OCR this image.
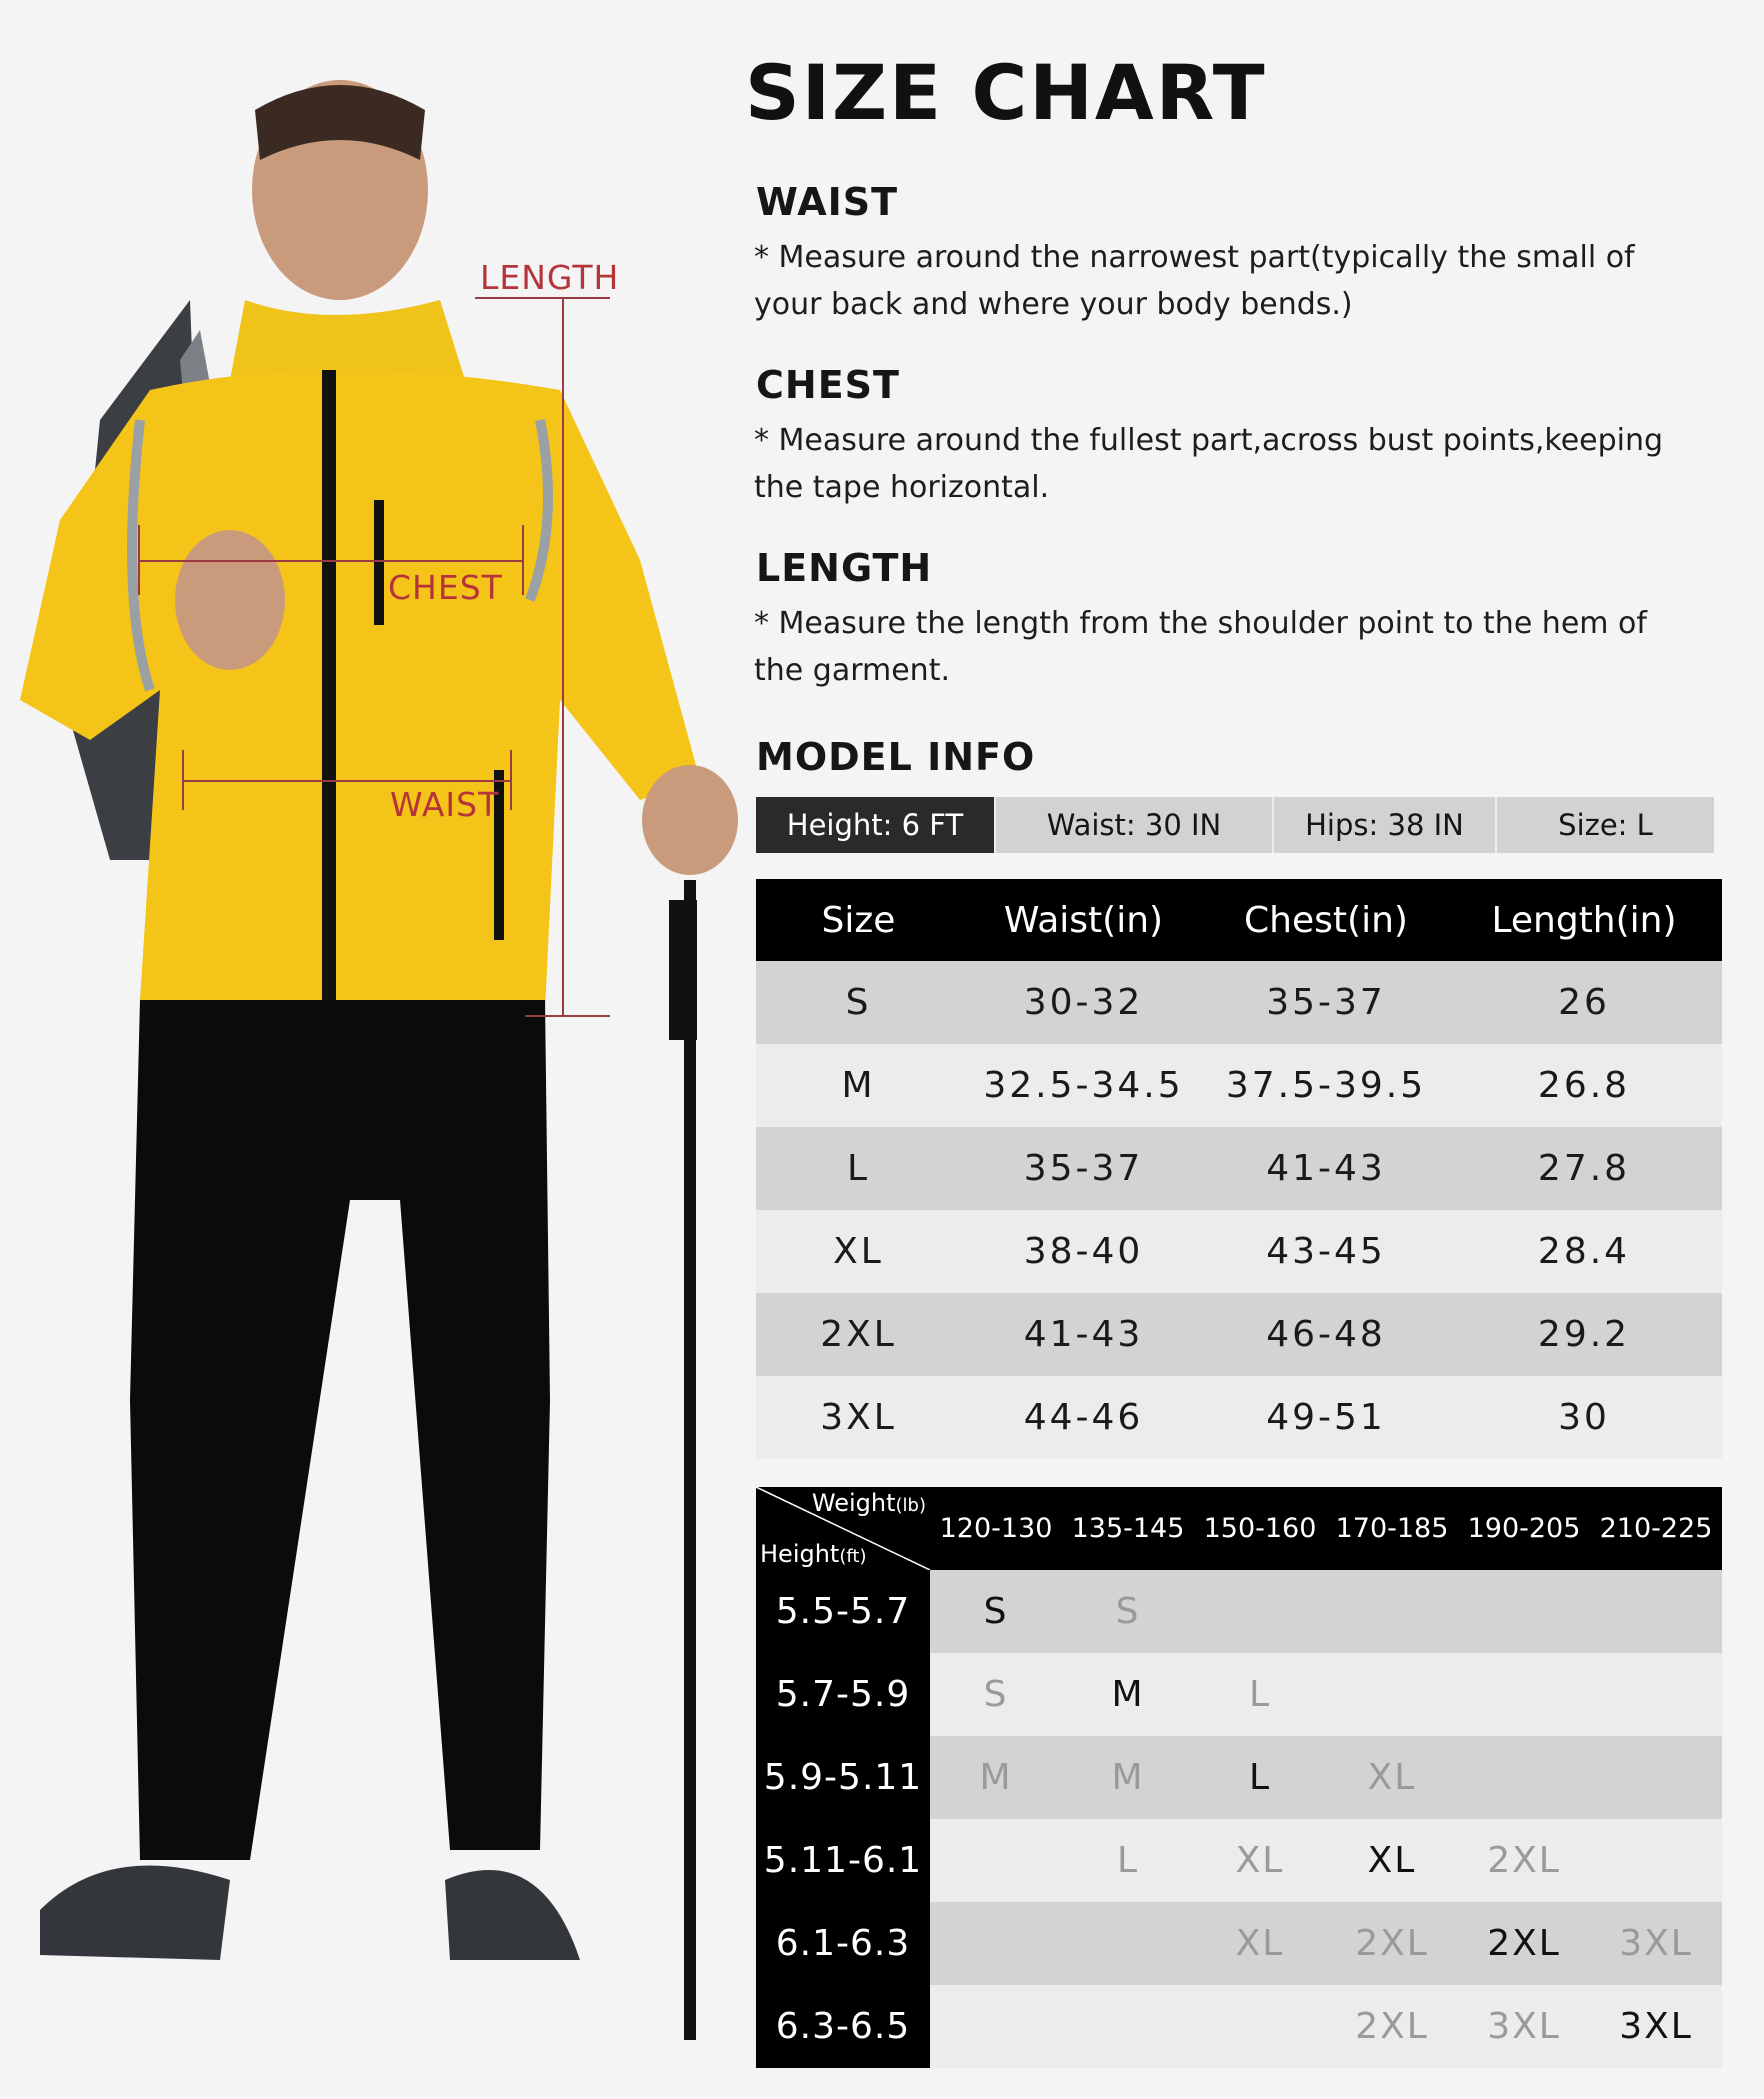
LENGTH
CHEST
WAIST
SIZE CHART
WAIST
* Measure around the narrowest part(typically the small of your back and where your body bends.)
CHEST
* Measure around the fullest part,across bust points,keeping the tape horizontal.
LENGTH
* Measure the length from the shoulder point to the hem of the garment.
MODEL INFO
Height: 6 FT	Waist: 30 IN	Hips: 38 IN	Size: L
Size	Waist(in)	Chest(in)	Length(in)
S	30-32	35-37	26
M	32.5-34.5	37.5-39.5	26.8
L	35-37	41-43	27.8
XL	38-40	43-45	28.4
2XL	41-43	46-48	29.2
3XL	44-46	49-51	30
Weight(lb)
Height(ft)	120-130	135-145	150-160	170-185	190-205	210-225
5.5-5.7	S	S				
5.7-5.9	S	M	L			
5.9-5.11	M	M	L	XL		
5.11-6.1		L	XL	XL	2XL	
6.1-6.3			XL	2XL	2XL	3XL
6.3-6.5				2XL	3XL	3XL
